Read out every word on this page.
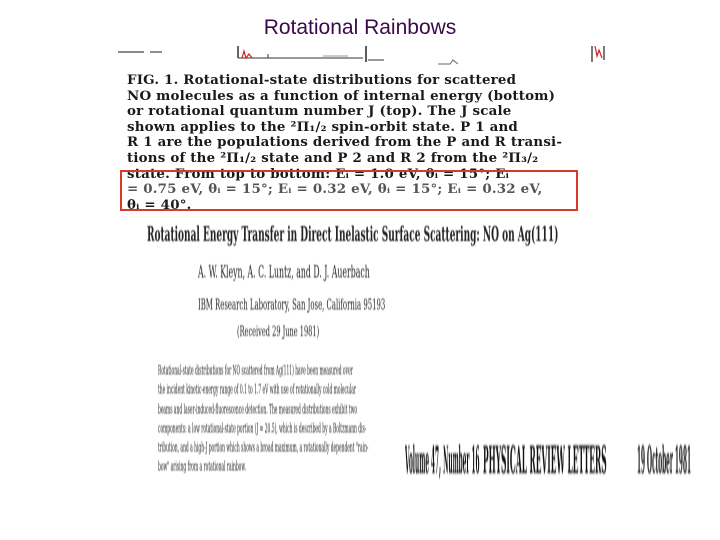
Rotational Rainbows
FIG. 1. Rotational-state distributions for scattered
NO molecules as a function of internal energy (bottom)
or rotational quantum number J (top). The J scale
shown applies to the ²Π₁/₂ spin-orbit state. P 1 and
R 1 are the populations derived from the P and R transi-
tions of the ²Π₁/₂ state and P 2 and R 2 from the ²Π₃/₂
state. From top to bottom: Eᵢ = 1.0 eV, θᵢ = 15°; Eᵢ
= 0.75 eV, θᵢ = 15°; Eᵢ = 0.32 eV, θᵢ = 15°; Eᵢ = 0.32 eV,
θᵢ = 40°.
Rotational Energy Transfer in Direct Inelastic Surface Scattering: NO on Ag(111)
A. W. Kleyn, A. C. Luntz, and D. J. Auerbach
IBM Research Laboratory, San Jose, California 95193
(Received 29 June 1981)
Rotational-state distributions for NO scattered from Ag(111) have been measured over
the incident kinetic-energy range of 0.1 to 1.7 eV with use of rotationally cold molecular
beams and laser-induced-fluorescence detection. The measured distributions exhibit two
components: a low rotational-state portion (J ≈ 20.5), which is described by a Boltzmann dis-
tribution, and a high-J portion which shows a broad maximum, a rotationally dependent "rain-
bow" arising from a rotational rainbow.	Volume 47, Number 16 PHYSICAL REVIEW LETTERS 19 October 1981
